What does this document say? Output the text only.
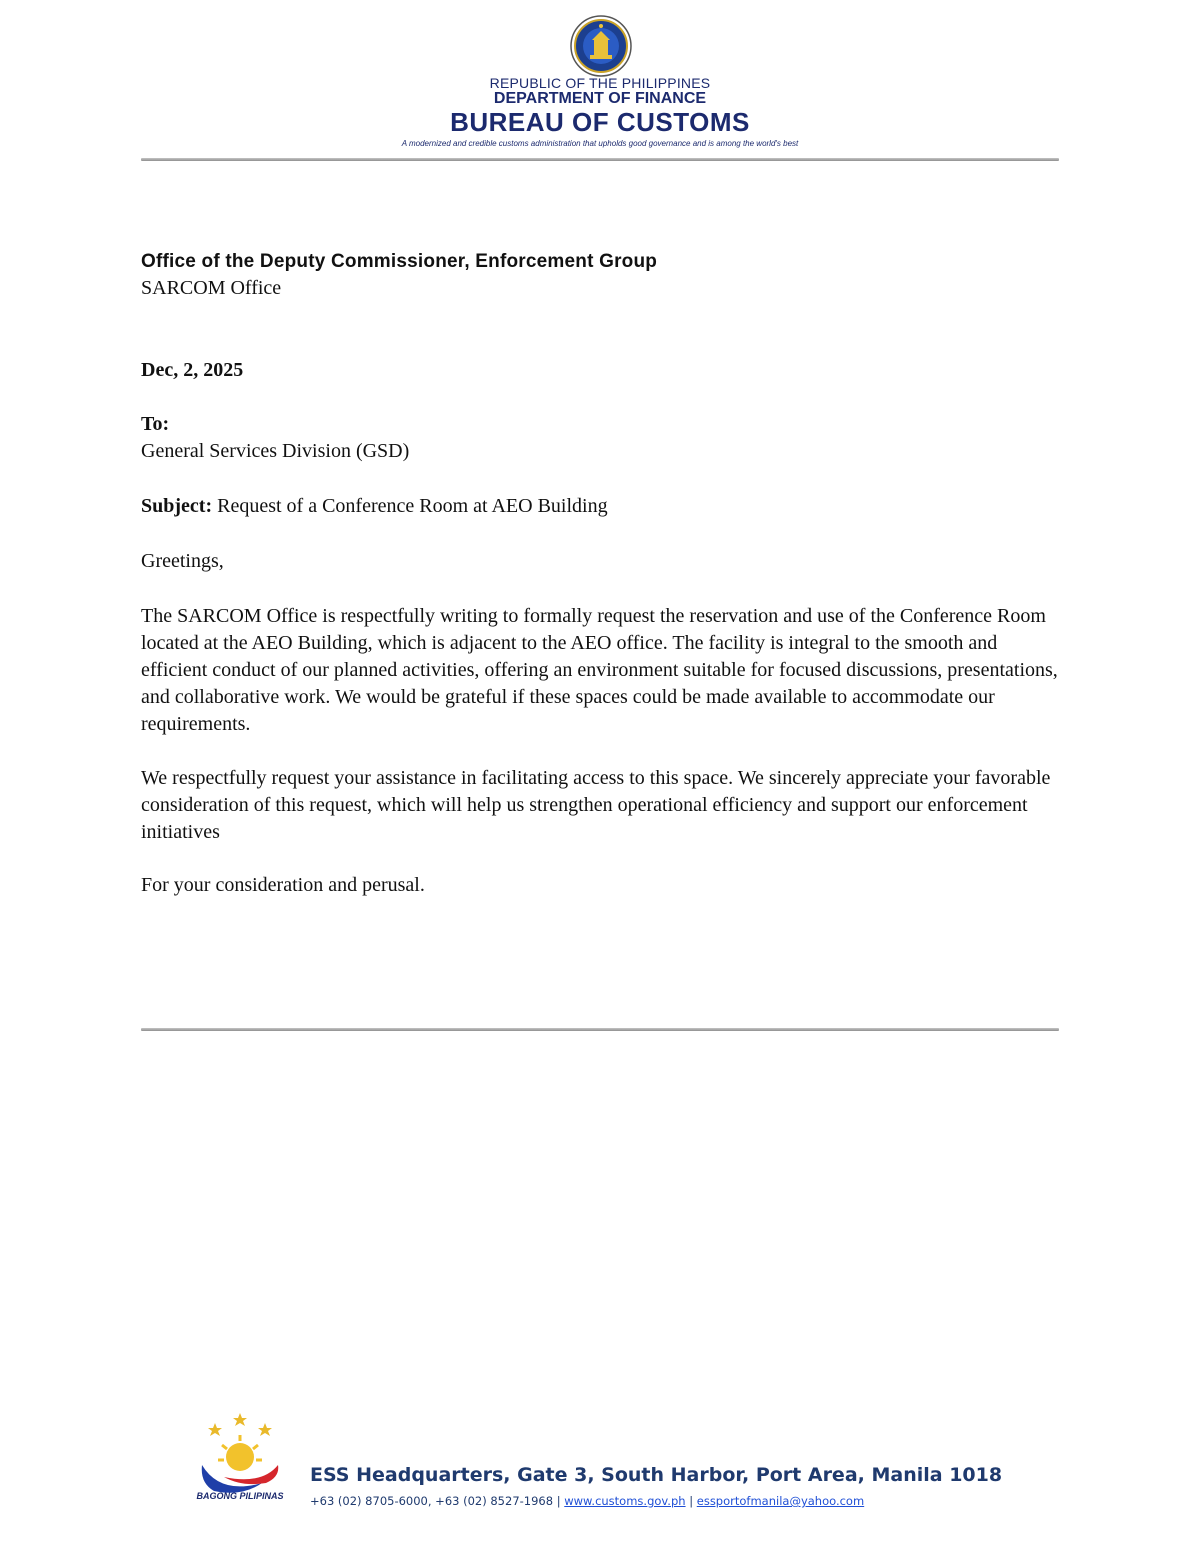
REPUBLIC OF THE PHILIPPINES
DEPARTMENT OF FINANCE
BUREAU OF CUSTOMS
A modernized and credible customs administration that upholds good governance and is among the world's best
Office of the Deputy Commissioner, Enforcement Group
SARCOM Office
Dec, 2, 2025
To:
General Services Division (GSD)
Subject: Request of a Conference Room at AEO Building
Greetings,

The SARCOM Office is respectfully writing to formally request the reservation and use of the Conference Room located at the AEO Building, which is adjacent to the AEO office. The facility is integral to the smooth and efficient conduct of our planned activities, offering an environment suitable for focused discussions, presentations, and collaborative work. We would be grateful if these spaces could be made available to accommodate our requirements.

We respectfully request your assistance in facilitating access to this space. We sincerely appreciate your favorable consideration of this request, which will help us strengthen operational efficiency and support our enforcement initiatives

For your consideration and perusal.
BAGONG PILIPINAS
ESS Headquarters, Gate 3, South Harbor, Port Area, Manila 1018
+63 (02) 8705-6000, +63 (02) 8527-1968 | www.customs.gov.ph | essportofmanila@yahoo.com
